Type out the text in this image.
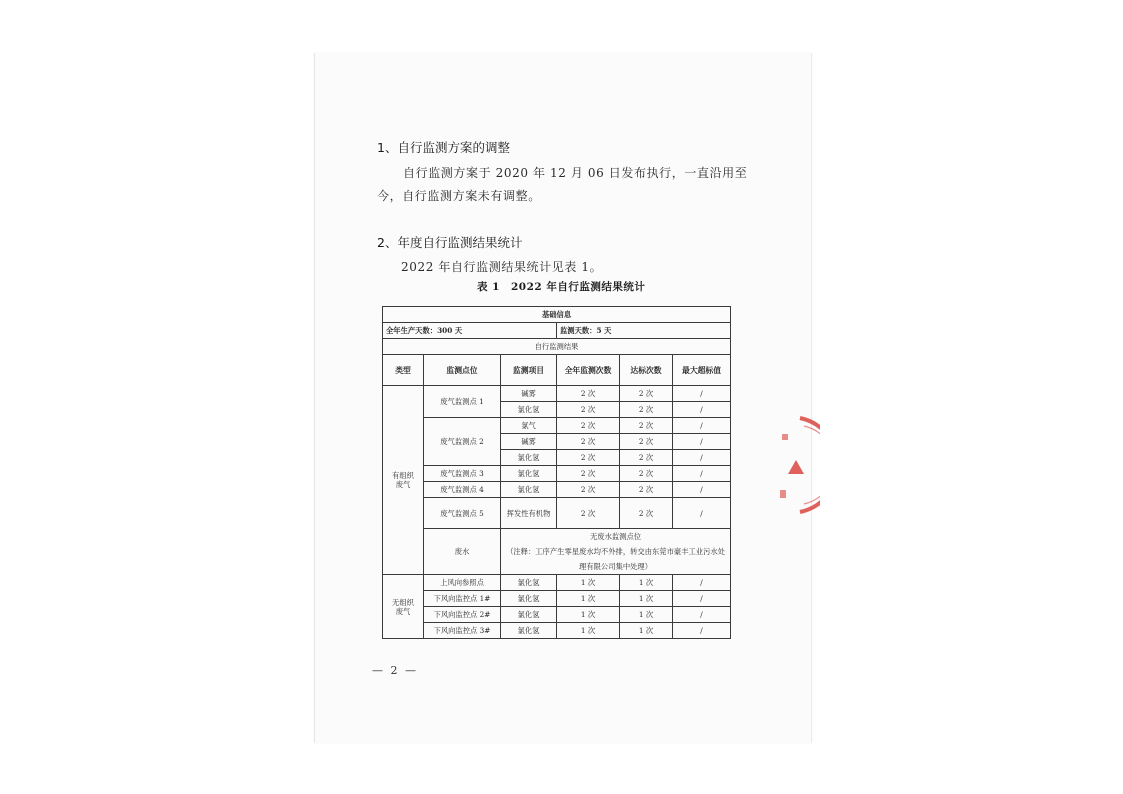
1、自行监测方案的调整
自行监测方案于 2020 年 12 月 06 日发布执行，一直沿用至
今，自行监测方案未有调整。
2、年度自行监测结果统计
2022 年自行监测结果统计见表 1。
表 1　2022 年自行监测结果统计
基础信息					
全年生产天数：300 天			监测天数：5 天		
自行监测结果					
类型	监测点位	监测项目	全年监测次数	达标次数	最大超标值
有组织废气	废气监测点 1	碱雾	2 次	2 次	/
		氯化氢	2 次	2 次	/
	废气监测点 2	氯气	2 次	2 次	/
		碱雾	2 次	2 次	/
		氯化氢	2 次	2 次	/
	废气监测点 3	氯化氢	2 次	2 次	/
	废气监测点 4	氯化氢	2 次	2 次	/
	废气监测点 5	挥发性有机物	2 次	2 次	/
	废水	无废水监测点位
（注释：工序产生零星废水均不外排，转交由东莞市豪丰工业污水处理有限公司集中处理）			

无组织废气	上风向参照点	氯化氢	1 次	1 次	/
	下风向监控点 1#	氯化氢	1 次	1 次	/
	下风向监控点 2#	氯化氢	1 次	1 次	/
	下风向监控点 3#	氯化氢	1 次	1 次	/
— 2 —
